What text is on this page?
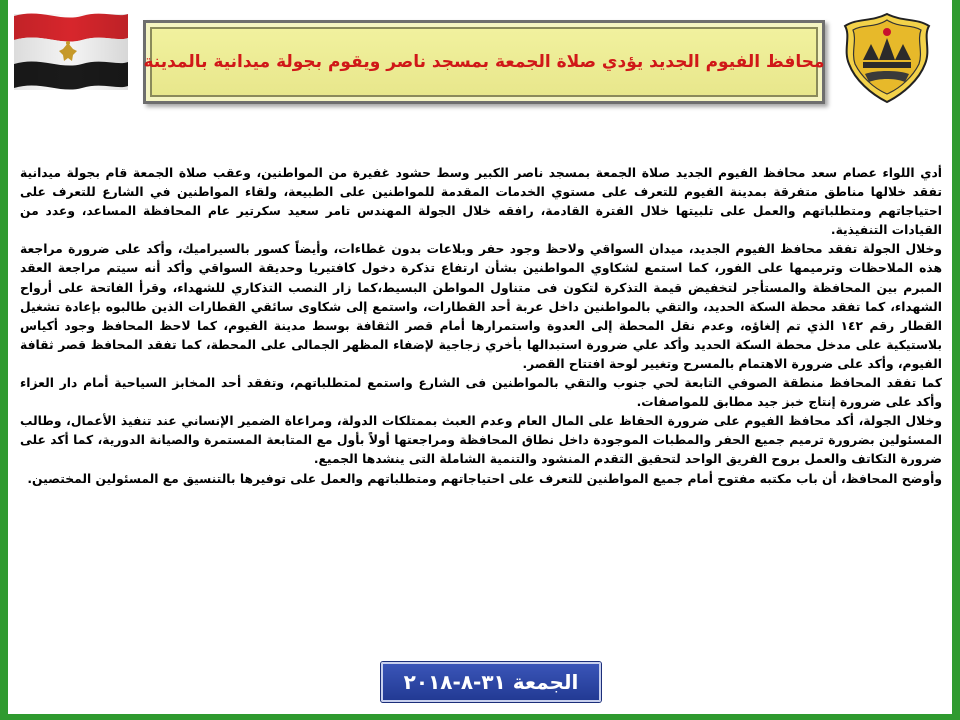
محافظ الفيوم الجديد يؤدي صلاة الجمعة بمسجد ناصر ويقوم بجولة ميدانية بالمدينة

أدي اللواء عصام سعد محافظ الفيوم الجديد صلاة الجمعة بمسجد ناصر الكبير وسط حشود غفيرة من المواطنين، وعقب صلاة الجمعة قام بجولة ميدانية تفقد خلالها مناطق متفرقة بمدينة الفيوم للتعرف على مستوي الخدمات المقدمة للمواطنين على الطبيعة، ولقاء المواطنين في الشارع للتعرف على احتياجاتهم ومتطلباتهم والعمل على تلبيتها خلال الفترة القادمة، رافقه خلال الجولة المهندس تامر سعيد سكرتير عام المحافظة المساعد، وعدد من القيادات التنفيذية.

وخلال الجولة تفقد محافظ الفيوم الجديد، ميدان السواقي ولاحظ وجود حفر وبلاعات بدون غطاءات، وأيضاً كسور بالسيراميك، وأكد على ضرورة مراجعة هذه الملاحظات وترميمها على الفور، كما استمع لشكاوي المواطنين بشأن ارتفاع تذكرة دخول كافتيريا وحديقة السواقي وأكد أنه سيتم مراجعة العقد المبرم بين المحافظة والمستأجر لتخفيض قيمة التذكرة لتكون فى متناول المواطن البسيط،كما زار النصب التذكاري للشهداء، وقرأ الفاتحة على أرواح الشهداء، كما تفقد محطة السكة الحديد، والتقي بالمواطنين داخل عربة أحد القطارات، واستمع إلى شكاوى سائقي القطارات الذين طالبوه بإعادة تشغيل القطار رقم ١٤٢ الذي تم إلغاؤه، وعدم نقل المحطة إلى العدوة واستمرارها أمام قصر الثقافة بوسط مدينة الفيوم، كما لاحظ المحافظ وجود أكياس بلاستيكية على مدخل محطة السكة الحديد وأكد علي ضرورة استبدالها بأخري زجاجية لإضفاء المظهر الجمالى على المحطة، كما تفقد المحافظ قصر ثقافة الفيوم، وأكد على ضرورة الاهتمام بالمسرح وتغيير لوحة افتتاح القصر.

كما تفقد المحافظ منطقة الصوفي التابعة لحي جنوب والتقي بالمواطنين فى الشارع واستمع لمتطلباتهم، وتفقد أحد المخابز السياحية أمام دار العزاء وأكد على ضرورة إنتاج خبز جيد مطابق للمواصفات.

وخلال الجولة، أكد محافظ الفيوم على ضرورة الحفاظ على المال العام وعدم العبث بممتلكات الدولة، ومراعاة الضمير الإنساني عند تنفيذ الأعمال، وطالب المسئولين بضرورة ترميم جميع الحفر والمطبات الموجودة داخل نطاق المحافظة ومراجعتها أولاً بأول مع المتابعة المستمرة والصيانة الدورية، كما أكد على ضرورة التكاتف والعمل بروح الفريق الواحد لتحقيق التقدم المنشود والتنمية الشاملة التى ينشدها الجميع.

وأوضح المحافظ، أن باب مكتبه مفتوح أمام جميع المواطنين للتعرف على احتياجاتهم ومتطلباتهم والعمل على توفيرها بالتنسيق مع المسئولين المختصين.

الجمعة ٣١-٨-٢٠١٨
